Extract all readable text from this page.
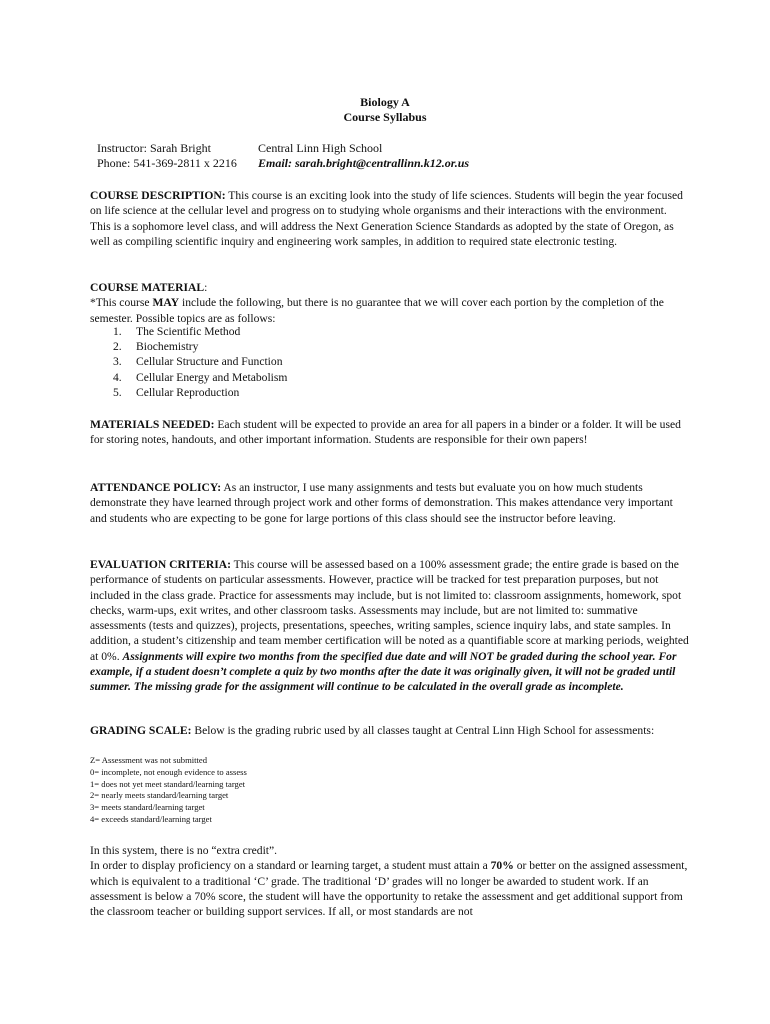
Biology A
Course Syllabus
Instructor: Sarah Bright
Phone: 541-369-2811 x 2216
Central Linn High School
Email: sarah.bright@centrallinn.k12.or.us
COURSE DESCRIPTION: This course is an exciting look into the study of life sciences. Students will begin the year focused on life science at the cellular level and progress on to studying whole organisms and their interactions with the environment. This is a sophomore level class, and will address the Next Generation Science Standards as adopted by the state of Oregon, as well as compiling scientific inquiry and engineering work samples, in addition to required state electronic testing.
COURSE MATERIAL:
*This course MAY include the following, but there is no guarantee that we will cover each portion by the completion of the semester. Possible topics are as follows:
1. The Scientific Method
2. Biochemistry
3. Cellular Structure and Function
4. Cellular Energy and Metabolism
5. Cellular Reproduction
MATERIALS NEEDED: Each student will be expected to provide an area for all papers in a binder or a folder. It will be used for storing notes, handouts, and other important information. Students are responsible for their own papers!
ATTENDANCE POLICY: As an instructor, I use many assignments and tests but evaluate you on how much students demonstrate they have learned through project work and other forms of demonstration. This makes attendance very important and students who are expecting to be gone for large portions of this class should see the instructor before leaving.
EVALUATION CRITERIA: This course will be assessed based on a 100% assessment grade; the entire grade is based on the performance of students on particular assessments. However, practice will be tracked for test preparation purposes, but not included in the class grade. Practice for assessments may include, but is not limited to: classroom assignments, homework, spot checks, warm-ups, exit writes, and other classroom tasks. Assessments may include, but are not limited to: summative assessments (tests and quizzes), projects, presentations, speeches, writing samples, science inquiry labs, and state samples. In addition, a student’s citizenship and team member certification will be noted as a quantifiable score at marking periods, weighted at 0%. Assignments will expire two months from the specified due date and will NOT be graded during the school year. For example, if a student doesn’t complete a quiz by two months after the date it was originally given, it will not be graded until summer. The missing grade for the assignment will continue to be calculated in the overall grade as incomplete.
GRADING SCALE: Below is the grading rubric used by all classes taught at Central Linn High School for assessments:
Z= Assessment was not submitted
0= incomplete, not enough evidence to assess
1= does not yet meet standard/learning target
2= nearly meets standard/learning target
3= meets standard/learning target
4= exceeds standard/learning target
In this system, there is no “extra credit”.
In order to display proficiency on a standard or learning target, a student must attain a 70% or better on the assigned assessment, which is equivalent to a traditional ‘C’ grade. The traditional ‘D’ grades will no longer be awarded to student work. If an assessment is below a 70% score, the student will have the opportunity to retake the assessment and get additional support from the classroom teacher or building support services. If all, or most standards are not
